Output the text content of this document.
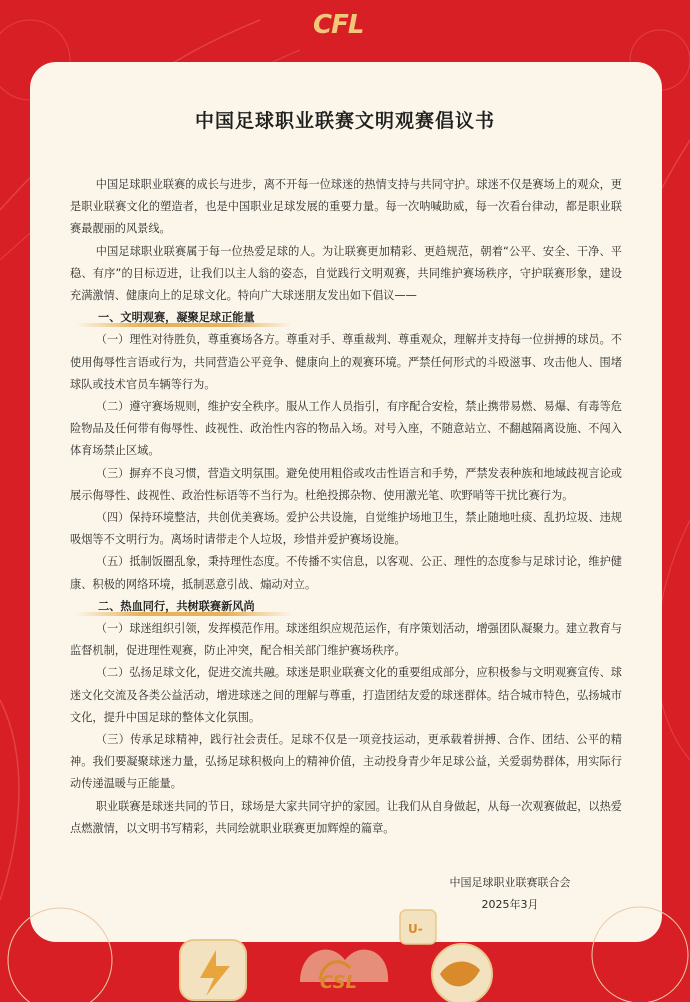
CFL
中国足球职业联赛文明观赛倡议书

中国足球职业联赛的成长与进步，离不开每一位球迷的热情支持与共同守护。球迷不仅是赛场上的观众，更是职业联赛文化的塑造者，也是中国职业足球发展的重要力量。每一次呐喊助威，每一次看台律动，都是职业联赛最靓丽的风景线。

中国足球职业联赛属于每一位热爱足球的人。为让联赛更加精彩、更趋规范，朝着“公平、安全、干净、平稳、有序”的目标迈进，让我们以主人翁的姿态，自觉践行文明观赛，共同维护赛场秩序，守护联赛形象，建设充满激情、健康向上的足球文化。特向广大球迷朋友发出如下倡议——

一、文明观赛，凝聚足球正能量

（一）理性对待胜负，尊重赛场各方。尊重对手、尊重裁判、尊重观众，理解并支持每一位拼搏的球员。不使用侮辱性言语或行为，共同营造公平竞争、健康向上的观赛环境。严禁任何形式的斗殴滋事、攻击他人、围堵球队或技术官员车辆等行为。

（二）遵守赛场规则，维护安全秩序。服从工作人员指引，有序配合安检，禁止携带易燃、易爆、有毒等危险物品及任何带有侮辱性、歧视性、政治性内容的物品入场。对号入座，不随意站立、不翻越隔离设施、不闯入体育场禁止区域。

（三）摒弃不良习惯，营造文明氛围。避免使用粗俗或攻击性语言和手势，严禁发表种族和地域歧视言论或展示侮辱性、歧视性、政治性标语等不当行为。杜绝投掷杂物、使用激光笔、吹野哨等干扰比赛行为。

（四）保持环境整洁，共创优美赛场。爱护公共设施，自觉维护场地卫生，禁止随地吐痰、乱扔垃圾、违规吸烟等不文明行为。离场时请带走个人垃圾，珍惜并爱护赛场设施。

（五）抵制饭圈乱象，秉持理性态度。不传播不实信息，以客观、公正、理性的态度参与足球讨论，维护健康、积极的网络环境，抵制恶意引战、煽动对立。

二、热血同行，共树联赛新风尚

（一）球迷组织引领，发挥模范作用。球迷组织应规范运作，有序策划活动，增强团队凝聚力。建立教育与监督机制，促进理性观赛，防止冲突，配合相关部门维护赛场秩序。

（二）弘扬足球文化，促进交流共融。球迷是职业联赛文化的重要组成部分，应积极参与文明观赛宣传、球迷文化交流及各类公益活动，增进球迷之间的理解与尊重，打造团结友爱的球迷群体。结合城市特色，弘扬城市文化，提升中国足球的整体文化氛围。

（三）传承足球精神，践行社会责任。足球不仅是一项竞技运动，更承载着拼搏、合作、团结、公平的精神。我们要凝聚球迷力量，弘扬足球积极向上的精神价值，主动投身青少年足球公益，关爱弱势群体，用实际行动传递温暖与正能量。

职业联赛是球迷共同的节日，球场是大家共同守护的家园。让我们从自身做起，从每一次观赛做起，以热爱点燃激情，以文明书写精彩，共同绘就职业联赛更加辉煌的篇章。

中国足球职业联赛联合会
2025年3月
U-
CSL
